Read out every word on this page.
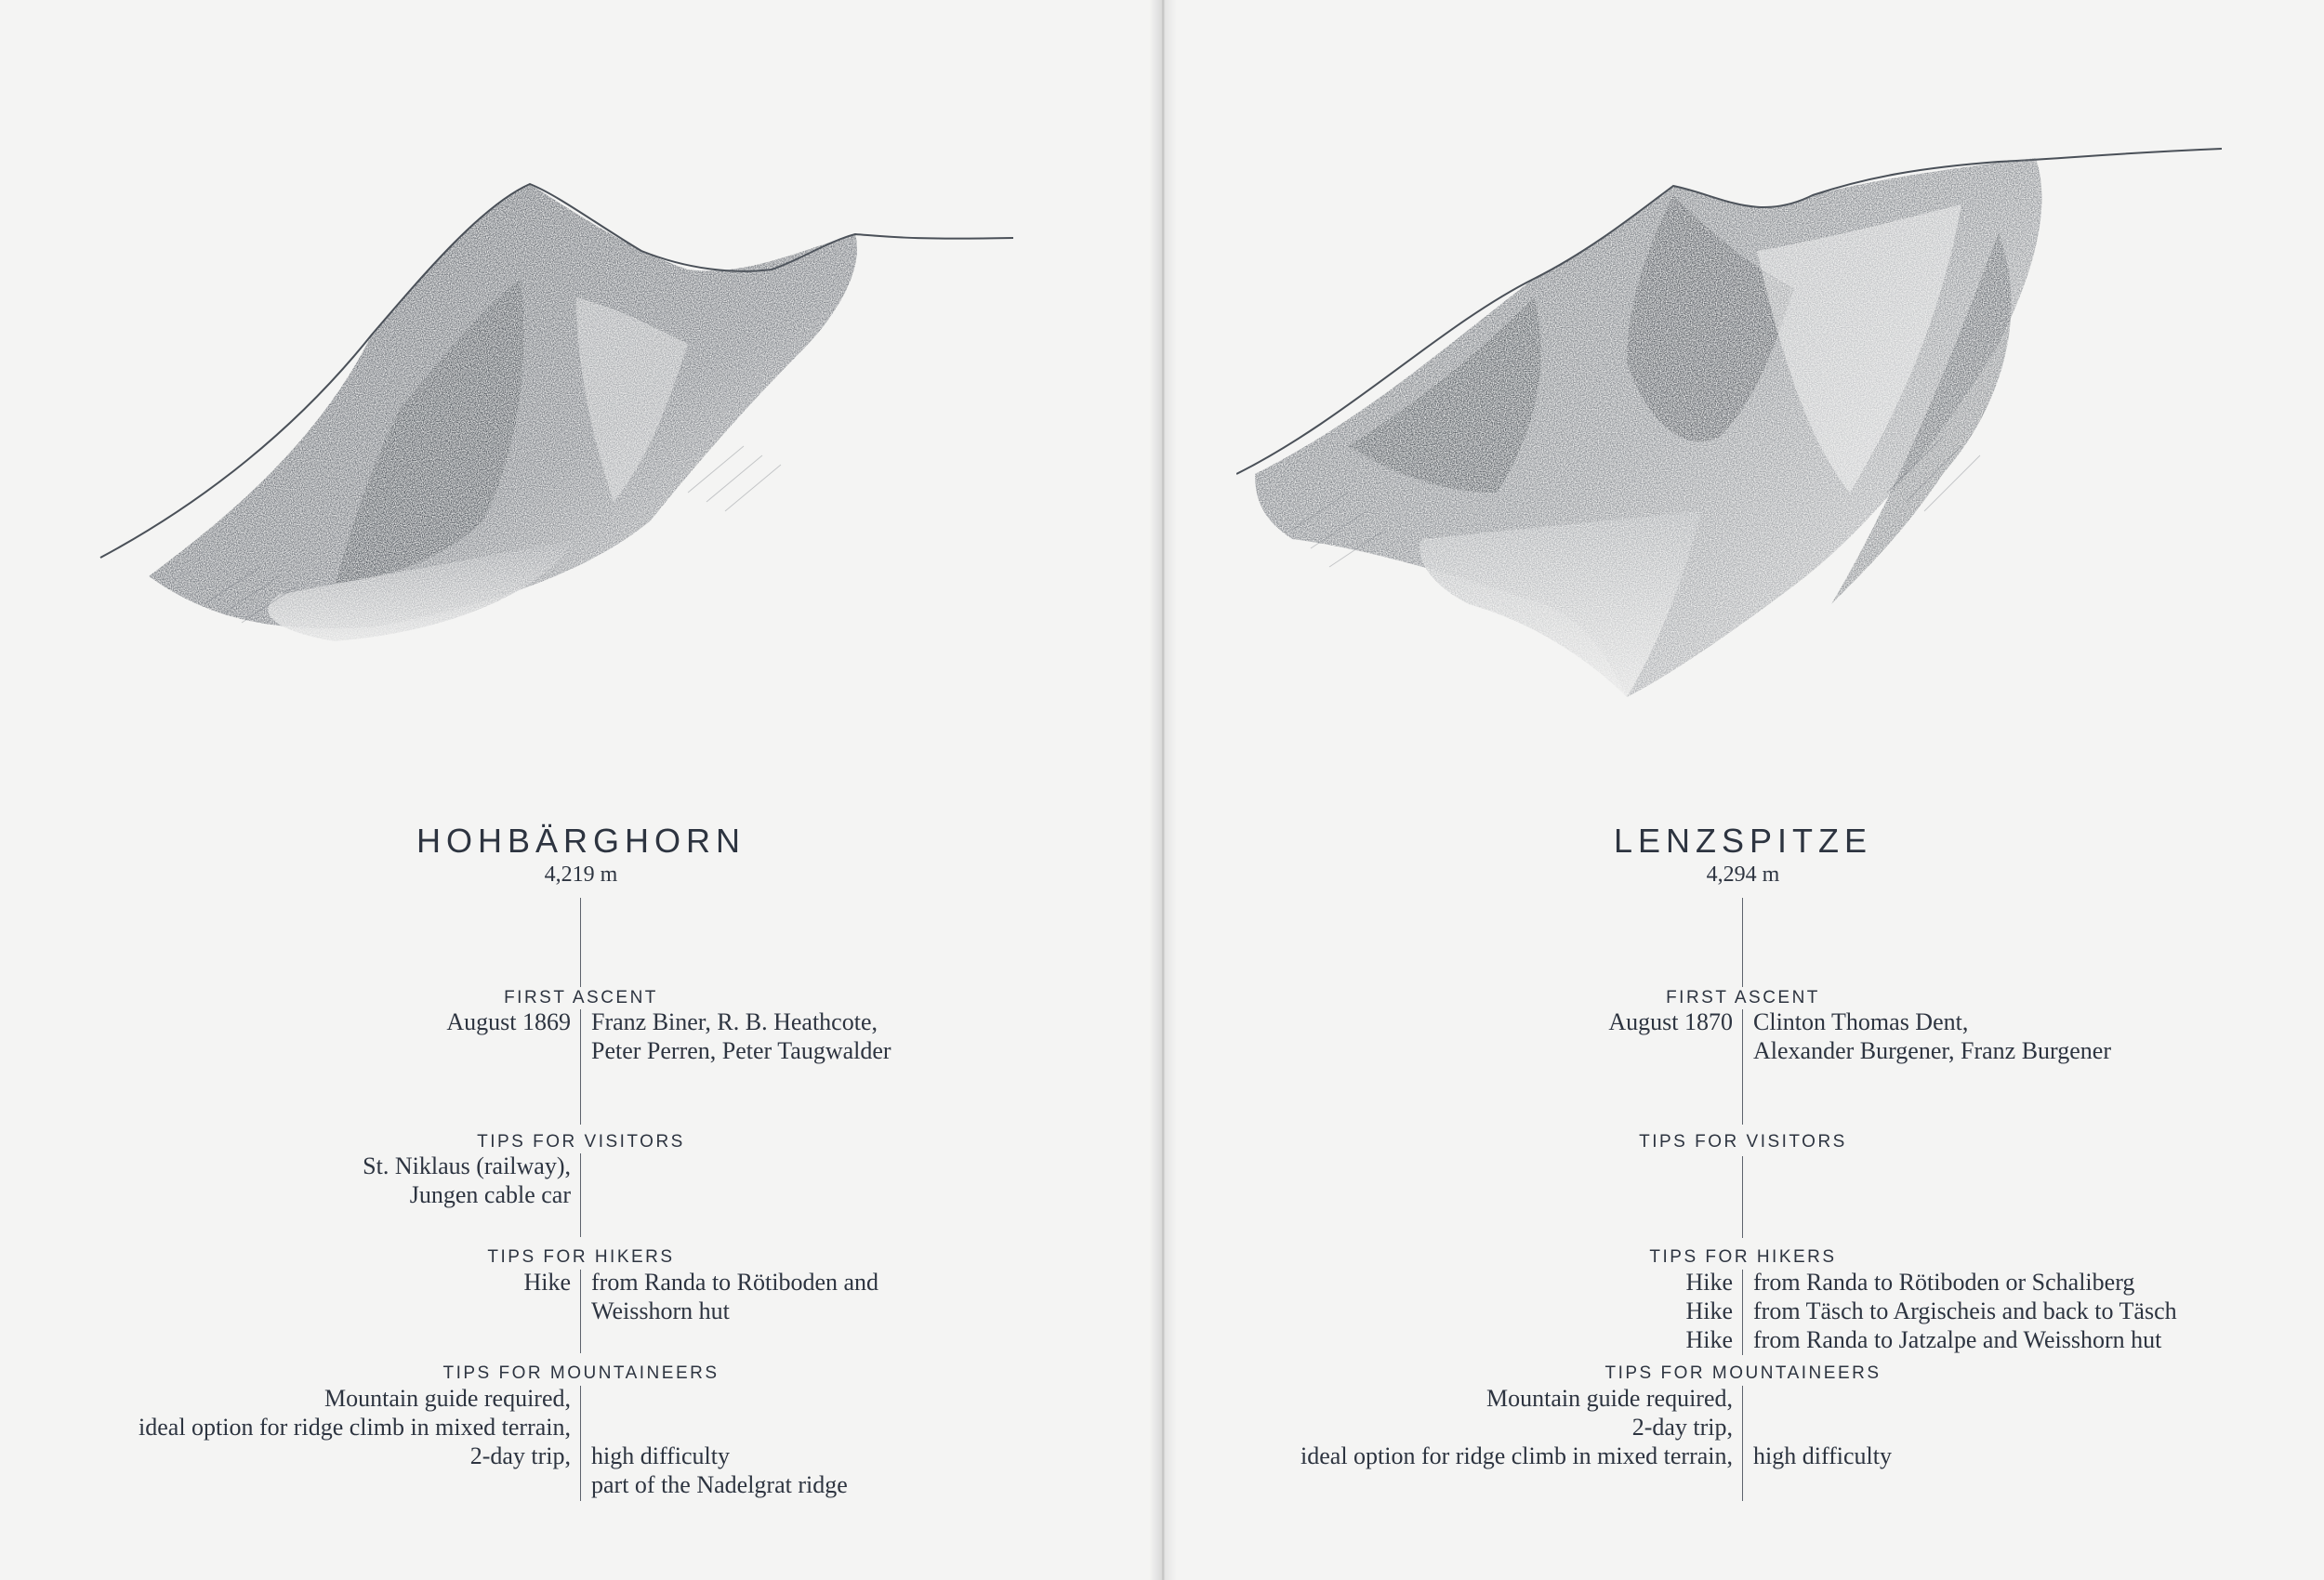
HOHBÄRGHORN
4,219 m
FIRST ASCENT
August 1869 Franz Biner, R. B. Heathcote,
Peter Perren, Peter Taugwalder
TIPS FOR VISITORS
St. Niklaus (railway),
Jungen cable car
TIPS FOR HIKERS
Hike from Randa to Rötiboden and
Weisshorn hut
TIPS FOR MOUNTAINEERS
Mountain guide required,
ideal option for ridge climb in mixed terrain,
2-day trip, high difficulty
part of the Nadelgrat ridge
LENZSPITZE
4,294 m
FIRST ASCENT
August 1870 Clinton Thomas Dent,
Alexander Burgener, Franz Burgener
TIPS FOR VISITORS
TIPS FOR HIKERS
Hike
Hike
Hike
from Randa to Rötiboden or Schaliberg
from Täsch to Argischeis and back to Täsch
from Randa to Jatzalpe and Weisshorn hut
TIPS FOR MOUNTAINEERS
Mountain guide required,
2-day trip,
ideal option for ridge climb in mixed terrain, high difficulty
